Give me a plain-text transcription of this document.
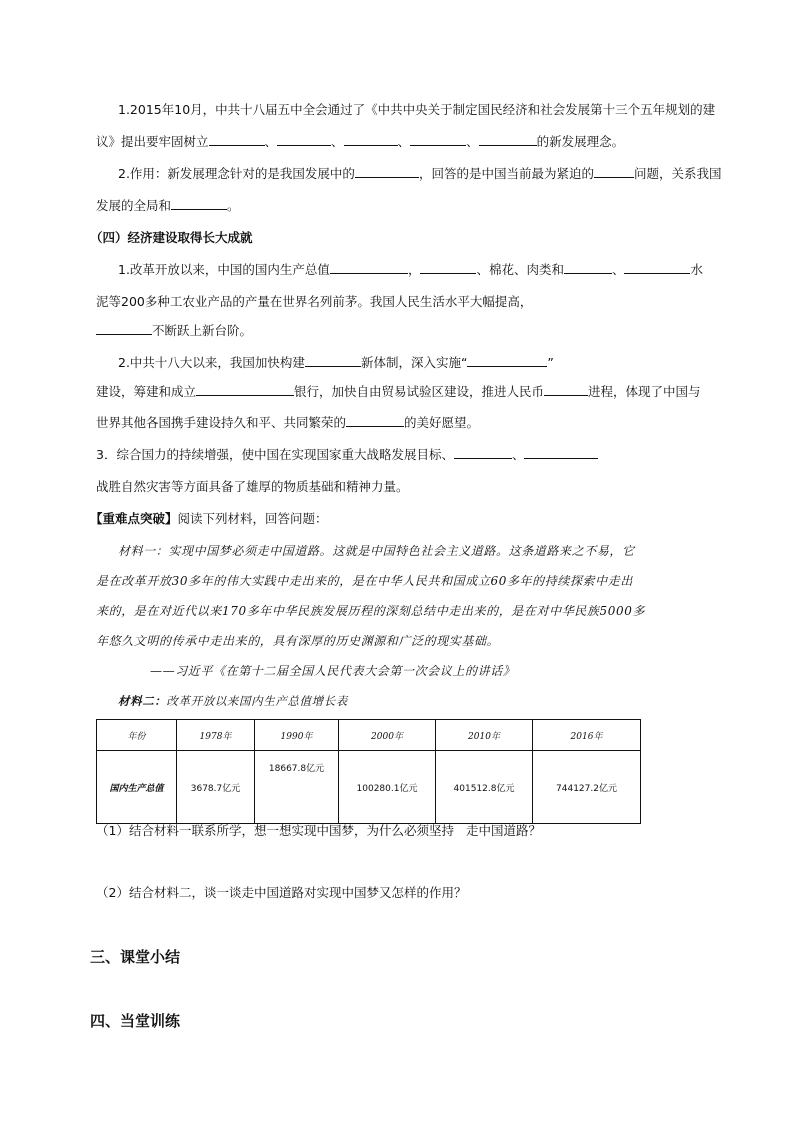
1.2015年10月，中共十八届五中全会通过了《中共中央关于制定国民经济和社会发展第十三个五年规划的建
议》提出要牢固树立	、	、	、	、	的新发展理念。
2.作用：新发展理念针对的是我国发展中的	，回答的是中国当前最为紧迫的	问题，关系我国
发展的全局和	。
（四）经济建设取得长大成就
1.改革开放以来，中国的国内生产总值	，	、棉花、肉类和	、	水
泥等200多种工农业产品的产量在世界名列前茅。我国人民生活水平大幅提高，
不断跃上新台阶。
2.中共十八大以来，我国加快构建	新体制，深入实施“	”
建设，筹建和成立	银行，加快自由贸易试验区建设，推进人民币	进程，体现了中国与
世界其他各国携手建设持久和平、共同繁荣的	的美好愿望。
3．综合国力的持续增强，使中国在实现国家重大战略发展目标、	、
战胜自然灾害等方面具备了雄厚的物质基础和精神力量。
【重难点突破】阅读下列材料，回答问题：
材料一：实现中国梦必须走中国道路。这就是中国特色社会主义道路。这条道路来之不易，它
是在改革开放30多年的伟大实践中走出来的，是在中华人民共和国成立60多年的持续探索中走出
来的，是在对近代以来170多年中华民族发展历程的深刻总结中走出来的，是在对中华民族5000多
年悠久文明的传承中走出来的，具有深厚的历史渊源和广泛的现实基础。
——习近平《在第十二届全国人民代表大会第一次会议上的讲话》
材料二：改革开放以来国内生产总值增长表
年份	1978年	1990年	2000年	2010年	2016年
国内生产总值	3678.7亿元	18667.8亿元	100280.1亿元	401512.8亿元	744127.2亿元
（1）结合材料一联系所学，想一想实现中国梦，为什么必须坚持 走中国道路？
（2）结合材料二，谈一谈走中国道路对实现中国梦又怎样的作用？
三、课堂小结
四、当堂训练
